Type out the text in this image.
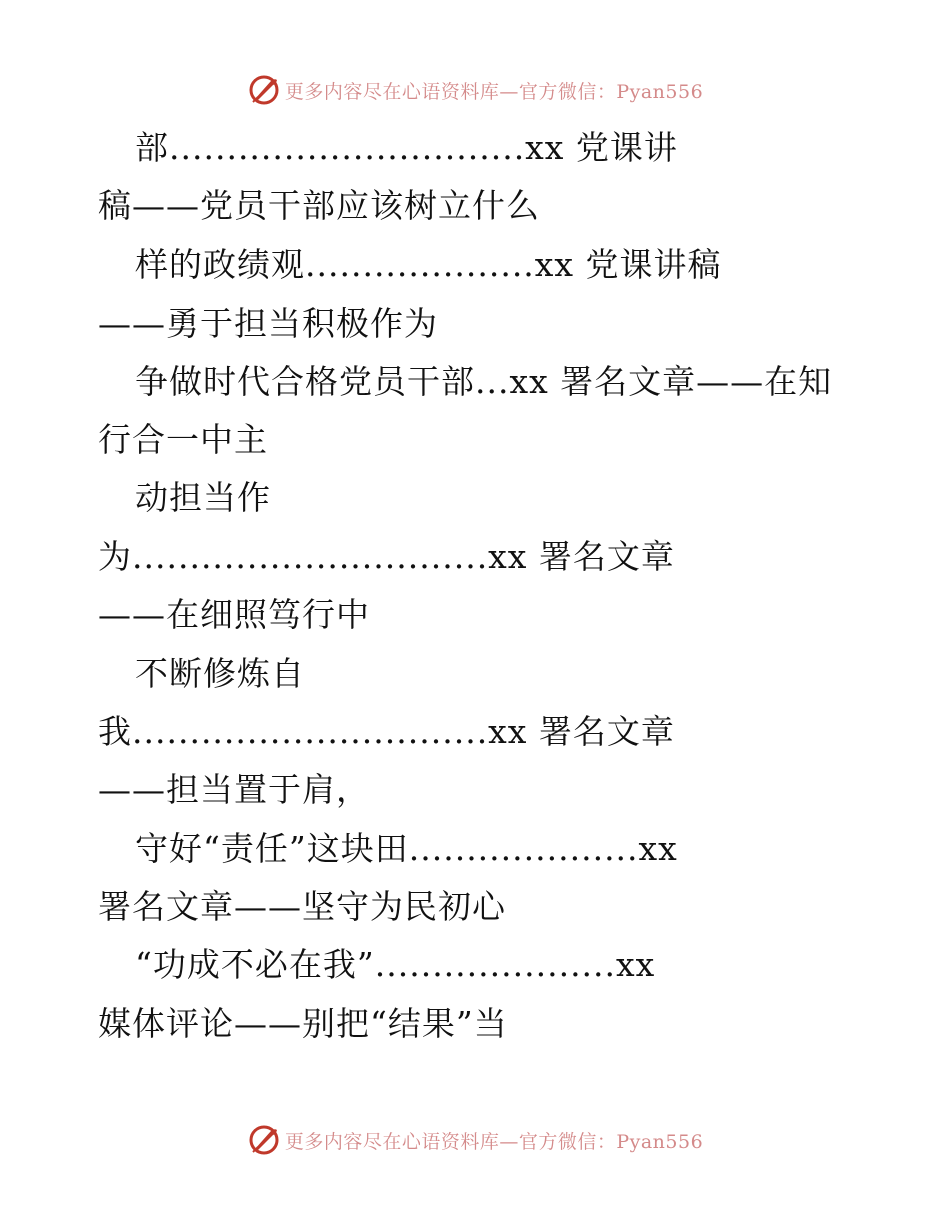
更多内容尽在心语资料库—官方微信：Pyan556
部...............................xx 党课讲
稿——党员干部应该树立什么
样的政绩观....................xx 党课讲稿
——勇于担当积极作为
争做时代合格党员干部...xx 署名文章——在知
行合一中主
动担当作
为...............................xx 署名文章
——在细照笃行中
不断修炼自
我...............................xx 署名文章
——担当置于肩，
守好“责任”这块田....................xx
署名文章——坚守为民初心
“功成不必在我”.....................xx
媒体评论——别把“结果”当
更多内容尽在心语资料库—官方微信：Pyan556
